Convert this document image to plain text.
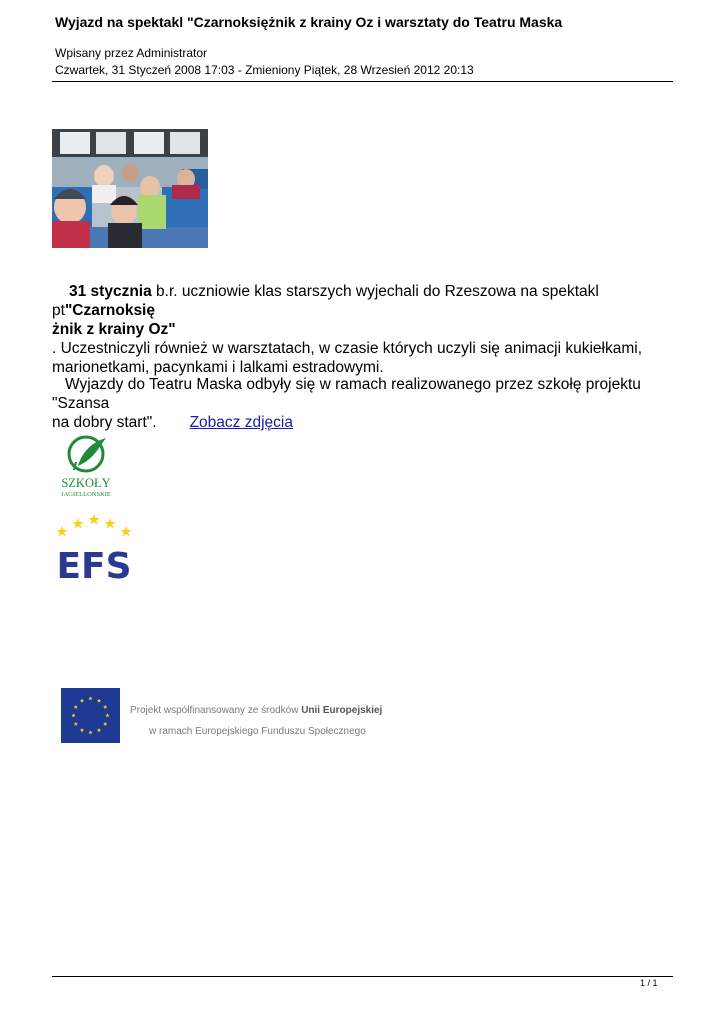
Wyjazd na spektakl "Czarnoksiężnik z krainy Oz i warsztaty do Teatru Maska
Wpisany przez Administrator
Czwartek, 31 Styczeń 2008 17:03 - Zmieniony Piątek, 28 Wrzesień 2012 20:13
31 stycznia b.r. uczniowie klas starszych wyjechali do Rzeszowa na spektakl pt"Czarnoksię
żnik z krainy Oz"
. Uczestniczyli również w warsztatach, w czasie których uczyli się animacji kukiełkami,
marionetkami, pacynkami i lalkami estradowymi.
Wyjazdy do Teatru Maska odbyły się w ramach realizowanego przez szkołę projektu "Szansa
na dobry start". Zobacz zdjęcia
SZKOŁY
JAGIELLOŃSKIE
EFS
Projekt współfinansowany ze środków Unii Europejskiej
w ramach Europejskiego Funduszu Społecznego
1 / 1
